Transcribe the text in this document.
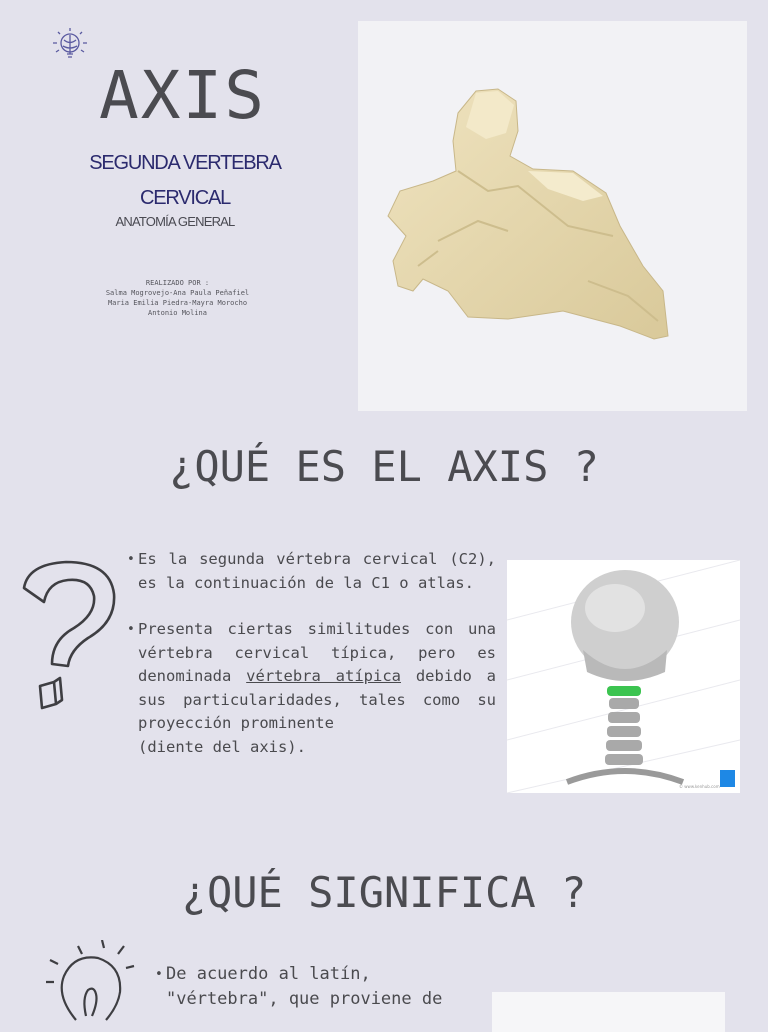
AXIS
SEGUNDA VERTEBRA
CERVICAL
ANATOMÍA GENERAL
REALIZADO POR :
Salma Mogrovejo-Ana Paula Peñafiel
Maria Emilia Piedra-Mayra Morocho
Antonio Molina
¿QUÉ ES EL AXIS ?
• Es la segunda vértebra cervical (C2), es la continuación de la C1 o atlas.
• Presenta ciertas similitudes con una vértebra cervical típica, pero es denominada vértebra atípica debido a sus particularidades, tales como su proyección prominente
(diente del axis).
© www.kenhub.com
¿QUÉ SIGNIFICA ?
• De acuerdo al latín,
"vértebra", que proviene de
